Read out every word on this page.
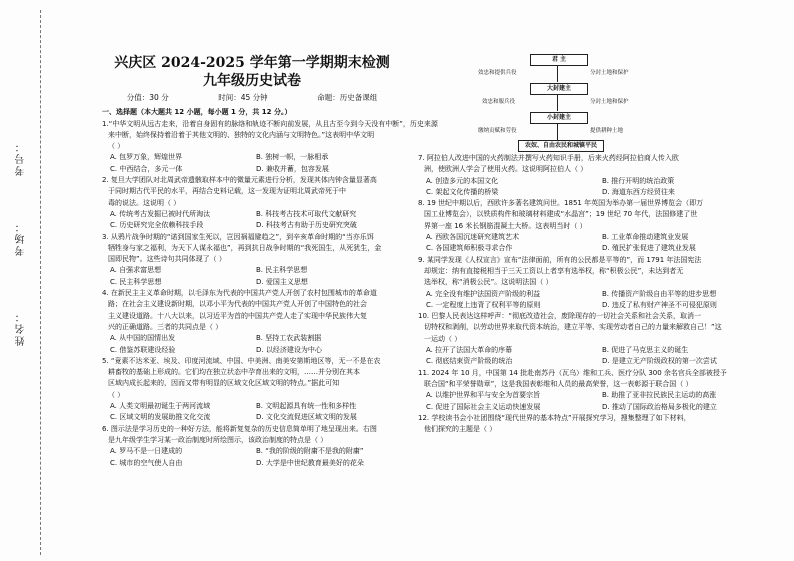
考号：
考场：
姓名：
兴庆区 2024-2025 学年第一学期期末检测
九年级历史试卷
分值：30 分	时间：45 分钟	命题：历史备课组
一、选择题（本大题共 12 小题，每小题 1 分，共 12 分。）
1.“中华文明从远古走来，沿着自身固有的脉络和轨迹不断向前发展，从且古至今到今天没有中断”，历史来源
来中断，始终保持着沿着于其他文明的、独特的文化内涵与文明特色。”这表明中华文明
（ ）
A. 包罗万象，辉煌世界	B. 独树一帜，一脉相承
C. 中西结合，多元一体	D. 兼收并蓄，包容发展
2. 复旦大学团队对北周武帝遗骸取样本中的微量元素进行分析，发现其体内钟含量显著高
于同时期古代平民的水平，再结合史料记载，这一发现为证明北周武帝死于中
毒的说法。这说明（ ）
A. 传统考古发掘已被时代所淘汰	B. 科技考古技术可取代文献研究
C. 历史研究完全依赖科技手段	D. 科技考古有助于历史研究突破
3. 从鸦片战争时期的“诺到国家生死以，岂因祸福避趋之”，到辛亥革命时期的“当亦乐饵
牺牲身与家之福利，为天下人谋永福也”，再到抗日战争时期的“我死国生，从死犹生，金
国即民物”。这些诗句共同体现了（ ）
A. 自强求富思想	B. 民主科学思想
C. 民主科学思想	D. 爱国主义思想
4. 在新民主主义革命时期，以毛泽东为代表的中国共产党人开创了农村包围城市的革命道
路；在社会主义建设新时期，以邓小平为代表的中国共产党人开创了中国特色的社会
主义建设道路。十八大以来，以习近平为首的中国共产党人走了实现中华民族伟大复
兴的正确道路。三者的共同点是（ ）
A. 从中国的国情出发	B. 坚持工农武装割据
C. 借鉴苏联建设经验	D. 以经济建设为中心
5. “竟素不达米亚、埃及、印度河流域、中国、中美洲、南美安第斯地区等，无一不是在农
耕畜牧的基础上形成的。它们均在独立状态中孕育出来的文明，……并分别在其本
区域内成长起来的，因而又带有明显的区域文化区域文明的特点。”据此可知
（ ）
A. 人类文明最初诞生于两河流域	B. 文明起源具有统一性和多样性
C. 区域文明的发展助推文化交流	D. 文化交流促进区域文明的发展
6. 图示法是学习历史的一种好方法，能将新复复杂的历史信息简单明了地呈现出来。右图
是九年级学生学习某一政治制度时所绘图示，该政治制度的特点是（ ）
A. 罗马不是一日建成的	B. “我的阶级的附庸不是我的附庸”
C. 城市的空气使人自由	D. 大学是中世纪教育最美好的花朵
君 主
效忠和提供兵役	分封土地和保护
大封建主
效忠和服兵役	分封土地和保护
小封建主
缴纳贡赋和劳役	提供耕种土地
农奴、自由农民和城镇平民
7. 阿拉伯人改进中国的火药制法并撰写火药知识手册，后来火药经阿拉伯商人传入欧
洲，使欧洲人学会了使用火药。这说明阿拉伯人（ ）
A. 创造多元的本国文化	B. 推行开明的统治政策
C. 架起文化传播的桥梁	D. 海道东西方经贸往来
8. 19 世纪中期以后，西欧许多著名建筑问世。1851 年英国为举办第一届世界博览会（即万
国工业博览会），以铁质构件和玻璃材料建成“水晶宫”；19 世纪 70 年代，法国修建了世
界第一座 16 米长钢筋混凝土大桥。这表明当时（ ）
A. 西欧各国沉迷研究建筑艺术	B. 工业革命推动建筑业发展
C. 各国建筑师积极寻求合作	D. 殖民扩张促进了建筑业发展
9. 某同学发现《人权宣言》宣布“法律面前，所有的公民都是平等的”，而 1791 年法国宪法
却规定：纳有直接税相当于三天工资以上者享有选举权，称“积极公民”，未达到者无
选举权，称“消极公民”。这说明法国（ ）
A. 完全没有维护法国资产阶级的利益	B. 传播资产阶级自由平等的进步思想
C. 一定程度上违背了权利平等的原则	D. 违反了私有财产神圣不可侵犯原则
10. 巴黎人民表达这样呼声：“彻底改造社会，废除现存的一切社会关系和社会关系，取消一
切特权和剥削，以劳动世界来取代资本统治，建立平等、实现劳动者自己的力量来解救自己！”这
一运动（ ）
A. 拉开了法国大革命的序幕	B. 促进了马克思主义的诞生
C. 彻底结束资产阶级的统治	D. 是建立无产阶级政权的第一次尝试
11. 2024 年 10 月，中国第 14 批赴南苏丹（瓦乌）维和工兵、医疗分队 300 余名官兵全部被授予
联合国“和平荣誉勋章”，这是我国表彰维和人员的最高荣誉，这一表彰源于联合国（ ）
A. 以维护世界和平与安全为首要宗旨	B. 助推了亚非拉民族民主运动的高涨
C. 促进了国际社会主义运动快速发展	D. 推动了国际政治格局多极化的建立
12. 学校读书会小社团围绕“现代世界的基本特点”开展探究学习，搜集整理了如下材料，
他们探究的主题是（ ）
